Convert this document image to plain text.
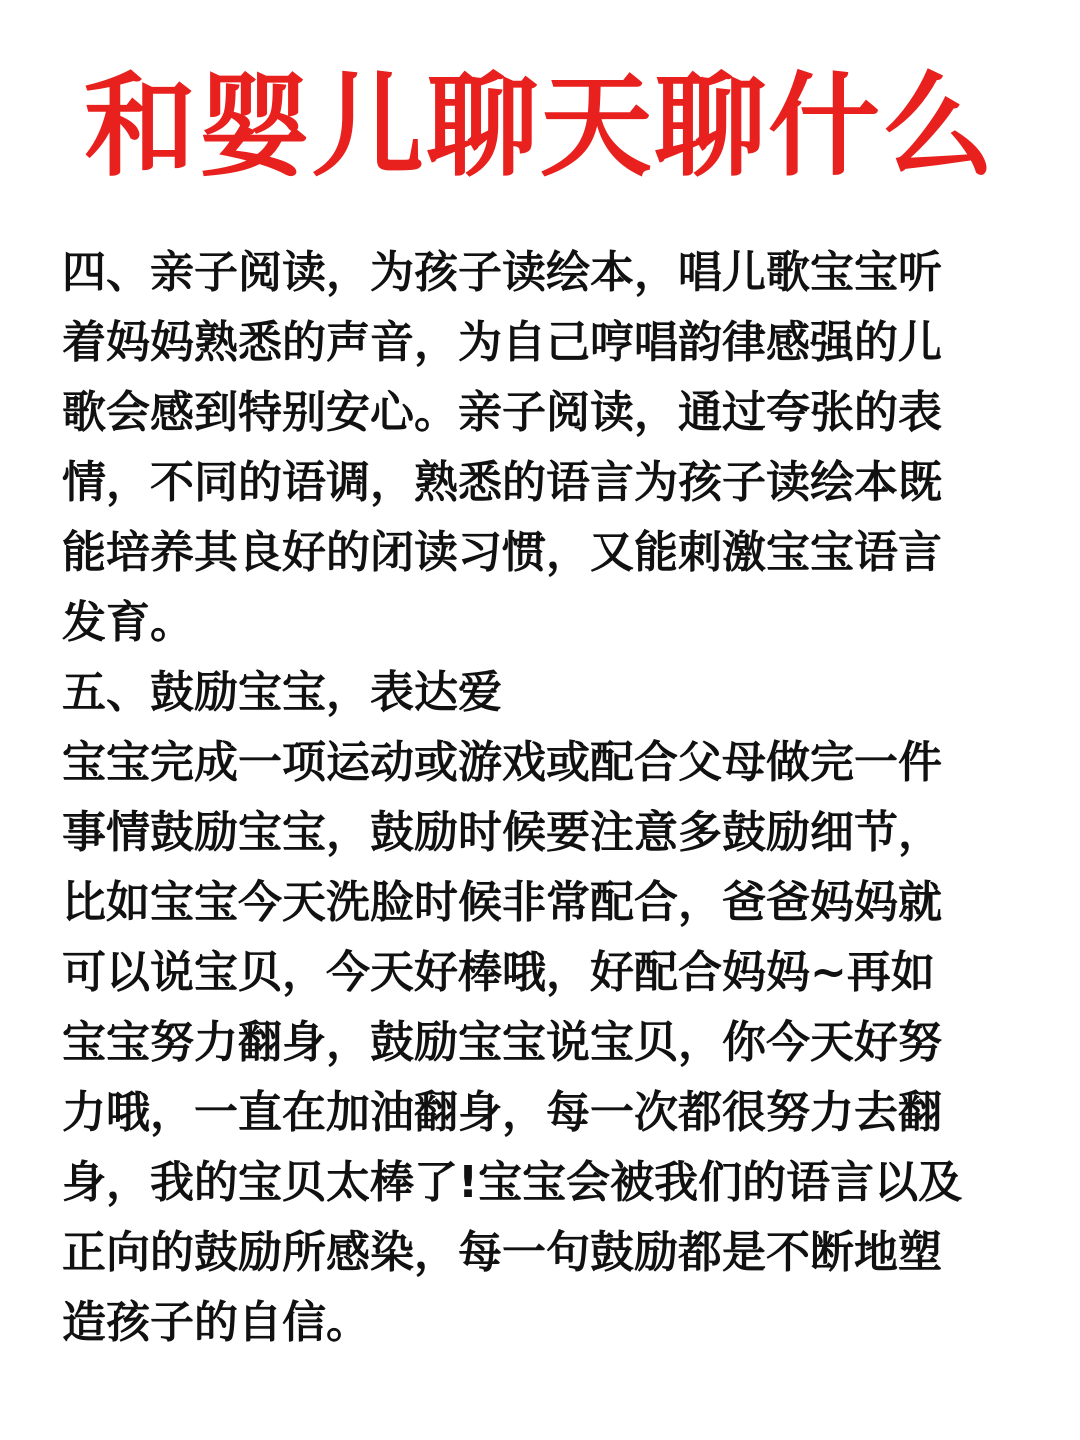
和婴儿聊天聊什么
四、亲子阅读，为孩子读绘本，唱儿歌宝宝听
着妈妈熟悉的声音，为自己哼唱韵律感强的儿
歌会感到特别安心。亲子阅读，通过夸张的表
情，不同的语调，熟悉的语言为孩子读绘本既
能培养其良好的闭读习惯，又能刺激宝宝语言
发育。
五、鼓励宝宝，表达爱
宝宝完成一项运动或游戏或配合父母做完一件
事情鼓励宝宝，鼓励时候要注意多鼓励细节，
比如宝宝今天洗脸时候非常配合，爸爸妈妈就
可以说宝贝，今天好棒哦，好配合妈妈~再如
宝宝努力翻身，鼓励宝宝说宝贝，你今天好努
力哦，一直在加油翻身，每一次都很努力去翻
身，我的宝贝太棒了!宝宝会被我们的语言以及
正向的鼓励所感染，每一句鼓励都是不断地塑
造孩子的自信。
